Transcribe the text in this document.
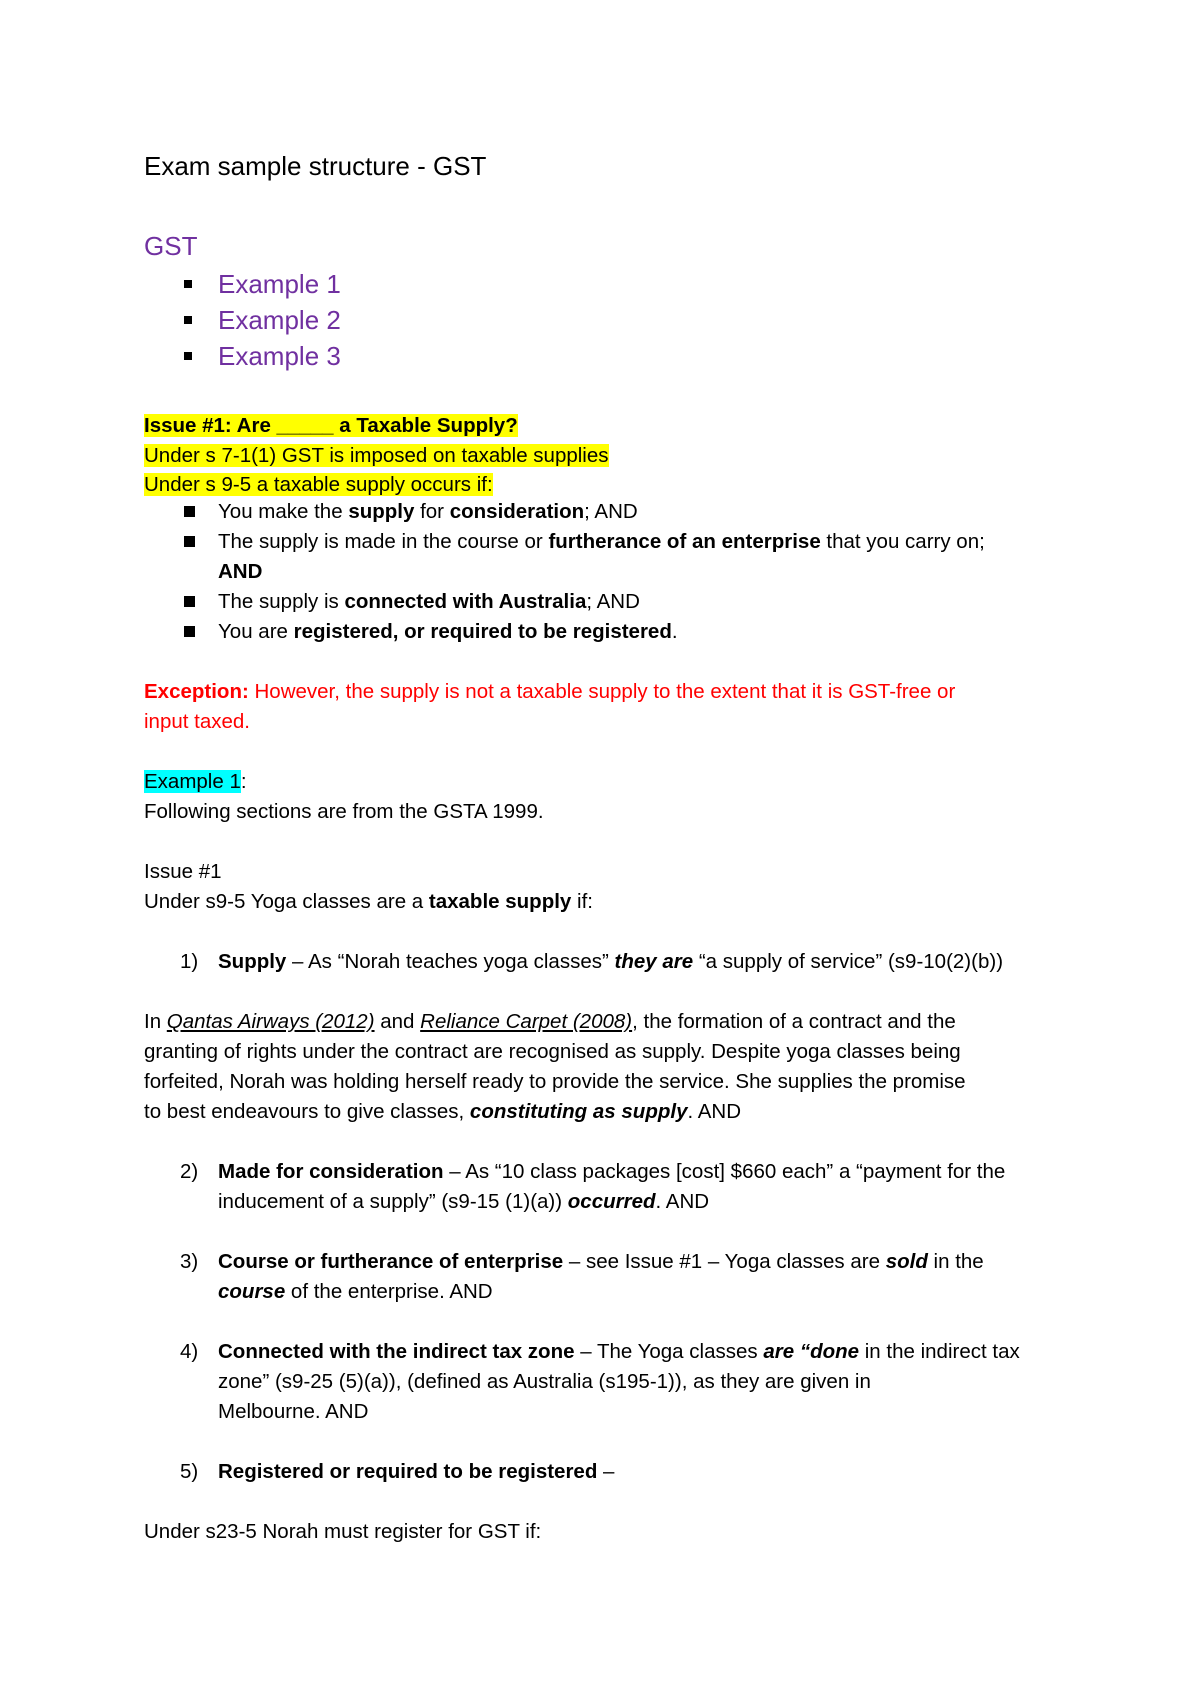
Exam sample structure - GST
GST
Example 1
Example 2
Example 3
Issue #1: Are _____ a Taxable Supply?
Under s 7-1(1) GST is imposed on taxable supplies
Under s 9-5 a taxable supply occurs if:
You make the supply for consideration; AND
The supply is made in the course or furtherance of an enterprise that you carry on;
AND
The supply is connected with Australia; AND
You are registered, or required to be registered.
Exception: However, the supply is not a taxable supply to the extent that it is GST-free or
input taxed.
Example 1:
Following sections are from the GSTA 1999.
Issue #1
Under s9-5 Yoga classes are a taxable supply if:
1) Supply – As “Norah teaches yoga classes” they are “a supply of service” (s9-10(2)(b))
In Qantas Airways (2012) and Reliance Carpet (2008), the formation of a contract and the
granting of rights under the contract are recognised as supply. Despite yoga classes being
forfeited, Norah was holding herself ready to provide the service. She supplies the promise
to best endeavours to give classes, constituting as supply. AND
2) Made for consideration – As “10 class packages [cost] $660 each” a “payment for the
inducement of a supply” (s9-15 (1)(a)) occurred. AND
3) Course or furtherance of enterprise – see Issue #1 – Yoga classes are sold in the
course of the enterprise. AND
4) Connected with the indirect tax zone – The Yoga classes are “done in the indirect tax
zone” (s9-25 (5)(a)), (defined as Australia (s195-1)), as they are given in
Melbourne. AND
5) Registered or required to be registered –
Under s23-5 Norah must register for GST if:
